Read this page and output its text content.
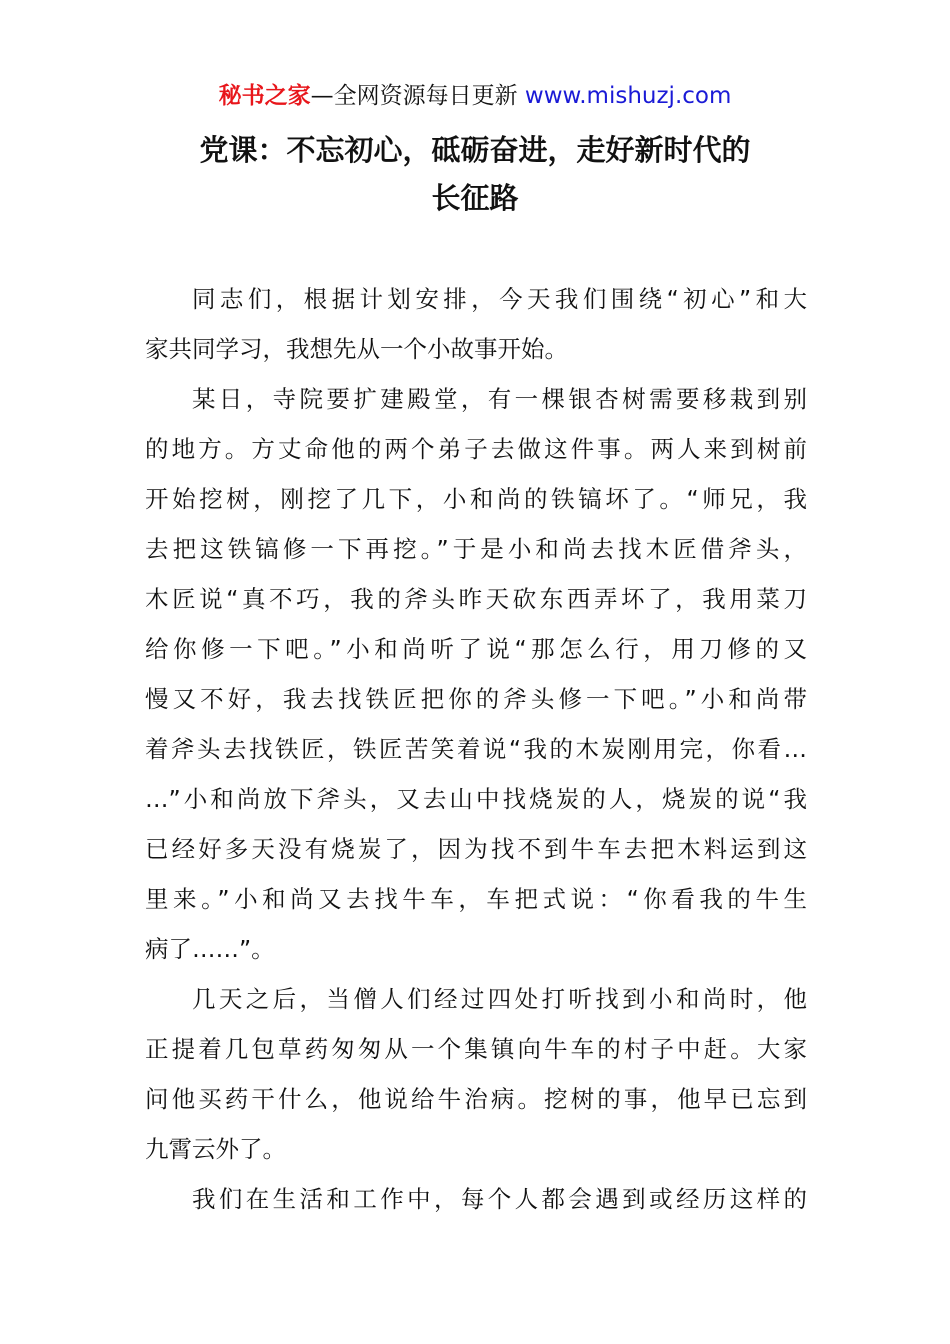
秘书之家—全网资源每日更新 www.mishuzj.com
党课：不忘初心，砥砺奋进，走好新时代的
长征路
同志们，根据计划安排，今天我们围绕“初心”和大
家共同学习，我想先从一个小故事开始。
某日，寺院要扩建殿堂，有一棵银杏树需要移栽到别
的地方。方丈命他的两个弟子去做这件事。两人来到树前
开始挖树，刚挖了几下，小和尚的铁镐坏了。“师兄，我
去把这铁镐修一下再挖。”于是小和尚去找木匠借斧头，
木匠说“真不巧，我的斧头昨天砍东西弄坏了，我用菜刀
给你修一下吧。”小和尚听了说“那怎么行，用刀修的又
慢又不好，我去找铁匠把你的斧头修一下吧。”小和尚带
着斧头去找铁匠，铁匠苦笑着说“我的木炭刚用完，你看…
…”小和尚放下斧头，又去山中找烧炭的人，烧炭的说“我
已经好多天没有烧炭了，因为找不到牛车去把木料运到这
里来。”小和尚又去找牛车，车把式说：“你看我的牛生
病了……”。
几天之后，当僧人们经过四处打听找到小和尚时，他
正提着几包草药匆匆从一个集镇向牛车的村子中赶。大家
问他买药干什么，他说给牛治病。挖树的事，他早已忘到
九霄云外了。
我们在生活和工作中，每个人都会遇到或经历这样的
